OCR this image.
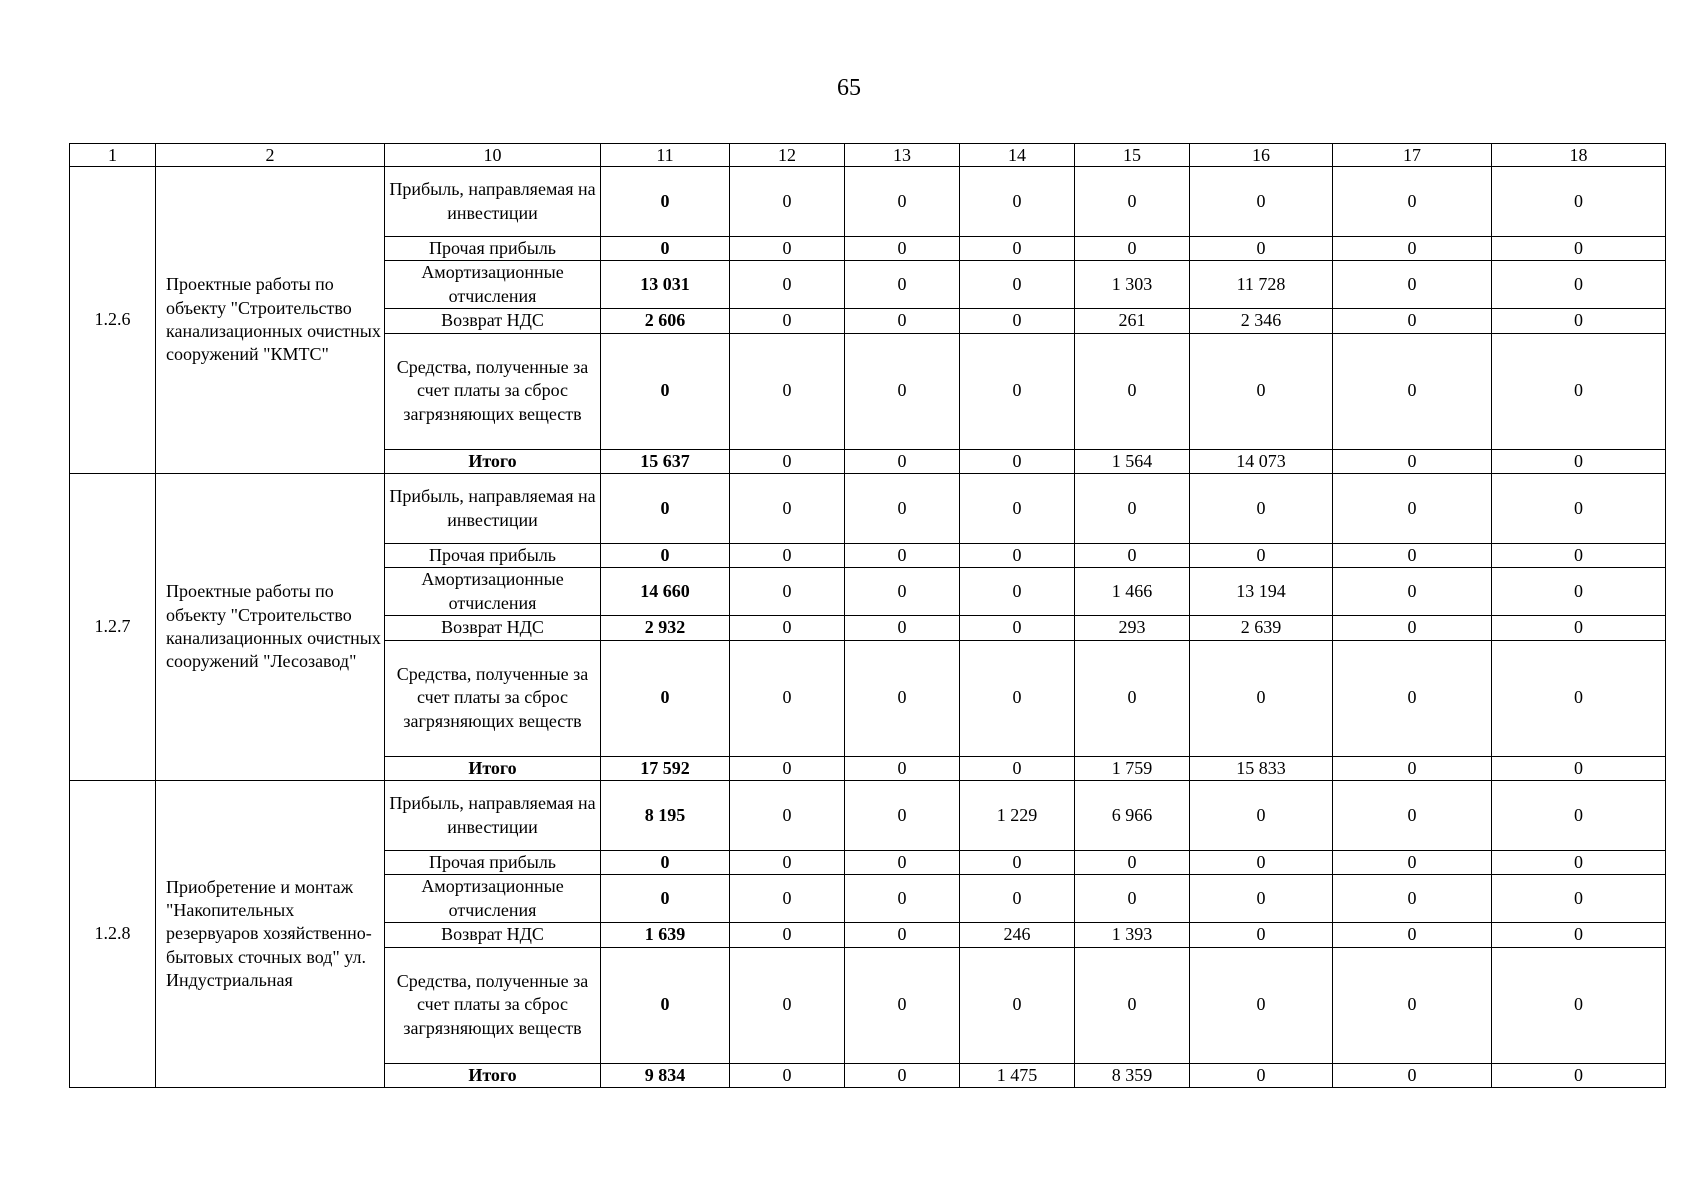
65
1	2	10	11	12	13	14	15	16	17	18
1.2.6	Проектные работы по объекту "Строительство канализационных очистных сооружений "КМТС"	Прибыль, направляемая на инвестиции	0	0	0	0	0	0	0	0
		Прочая прибыль	0	0	0	0	0	0	0	0
		Амортизационные отчисления	13 031	0	0	0	1 303	11 728	0	0
		Возврат НДС	2 606	0	0	0	261	2 346	0	0
		Средства, полученные за счет платы за сброс загрязняющих веществ	0	0	0	0	0	0	0	0
		Итого	15 637	0	0	0	1 564	14 073	0	0
1.2.7	Проектные работы по объекту "Строительство канализационных очистных сооружений "Лесозавод"	Прибыль, направляемая на инвестиции	0	0	0	0	0	0	0	0
		Прочая прибыль	0	0	0	0	0	0	0	0
		Амортизационные отчисления	14 660	0	0	0	1 466	13 194	0	0
		Возврат НДС	2 932	0	0	0	293	2 639	0	0
		Средства, полученные за счет платы за сброс загрязняющих веществ	0	0	0	0	0	0	0	0
		Итого	17 592	0	0	0	1 759	15 833	0	0
1.2.8	Приобретение и монтаж "Накопительных резервуаров хозяйственно-бытовых сточных вод" ул. Индустриальная	Прибыль, направляемая на инвестиции	8 195	0	0	1 229	6 966	0	0	0
		Прочая прибыль	0	0	0	0	0	0	0	0
		Амортизационные отчисления	0	0	0	0	0	0	0	0
		Возврат НДС	1 639	0	0	246	1 393	0	0	0
		Средства, полученные за счет платы за сброс загрязняющих веществ	0	0	0	0	0	0	0	0
		Итого	9 834	0	0	1 475	8 359	0	0	0
